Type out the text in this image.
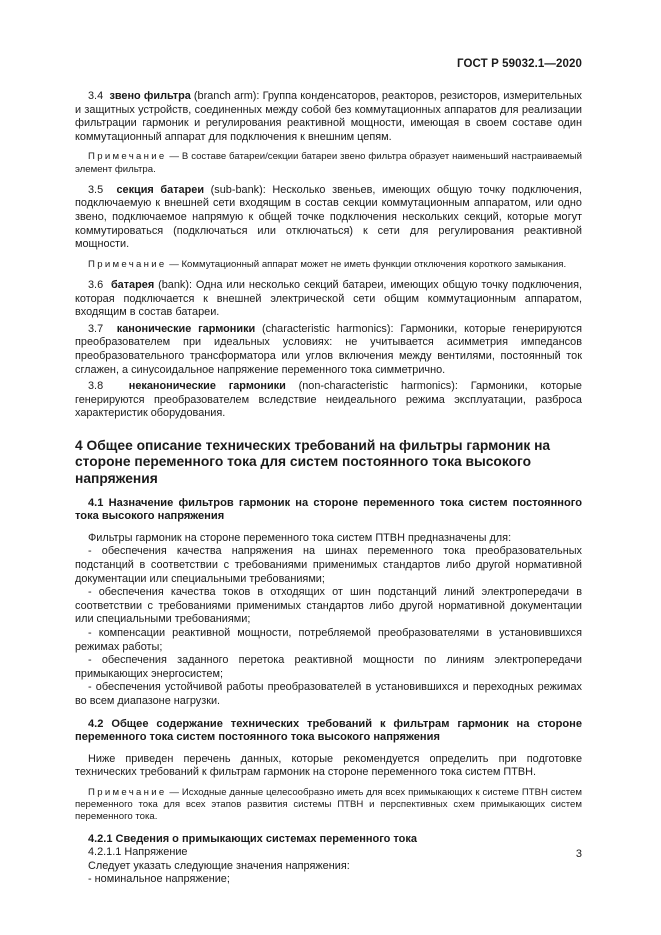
ГОСТ Р 59032.1—2020

3.4 звено фильтра (branch arm): Группа конденсаторов, реакторов, резисторов, измерительных и защитных устройств, соединенных между собой без коммутационных аппаратов для реализации фильтрации гармоник и регулирования реактивной мощности, имеющая в своем составе один коммутационный аппарат для подключения к внешним цепям.

Примечание — В составе батареи/секции батареи звено фильтра образует наименьший настраиваемый элемент фильтра.

3.5 секция батареи (sub-bank): Несколько звеньев, имеющих общую точку подключения, подключаемую к внешней сети входящим в состав секции коммутационным аппаратом, или одно звено, подключаемое напрямую к общей точке подключения нескольких секций, которые могут коммутироваться (подключаться или отключаться) к сети для регулирования реактивной мощности.

Примечание — Коммутационный аппарат может не иметь функции отключения короткого замыкания.

3.6 батарея (bank): Одна или несколько секций батареи, имеющих общую точку подключения, которая подключается к внешней электрической сети общим коммутационным аппаратом, входящим в состав батареи.

3.7 канонические гармоники (characteristic harmonics): Гармоники, которые генерируются преобразователем при идеальных условиях: не учитывается асимметрия импедансов преобразовательного трансформатора или углов включения между вентилями, постоянный ток сглажен, а синусоидальное напряжение переменного тока симметрично.

3.8 неканонические гармоники (non-characteristic harmonics): Гармоники, которые генерируются преобразователем вследствие неидеального режима эксплуатации, разброса характеристик оборудования.

4 Общее описание технических требований на фильтры гармоник на стороне переменного тока для систем постоянного тока высокого напряжения
4.1 Назначение фильтров гармоник на стороне переменного тока систем постоянного тока высокого напряжения

Фильтры гармоник на стороне переменного тока систем ПТВН предназначены для:

- обеспечения качества напряжения на шинах переменного тока преобразовательных подстанций в соответствии с требованиями применимых стандартов либо другой нормативной документации или специальными требованиями;

- обеспечения качества токов в отходящих от шин подстанций линий электропередачи в соответствии с требованиями применимых стандартов либо другой нормативной документации или специальными требованиями;

- компенсации реактивной мощности, потребляемой преобразователями в установившихся режимах работы;

- обеспечения заданного перетока реактивной мощности по линиям электропередачи примыкающих энергосистем;

- обеспечения устойчивой работы преобразователей в установившихся и переходных режимах во всем диапазоне нагрузки.

4.2 Общее содержание технических требований к фильтрам гармоник на стороне переменного тока систем постоянного тока высокого напряжения

Ниже приведен перечень данных, которые рекомендуется определить при подготовке технических требований к фильтрам гармоник на стороне переменного тока систем ПТВН.

Примечание — Исходные данные целесообразно иметь для всех примыкающих к системе ПТВН систем переменного тока для всех этапов развития системы ПТВН и перспективных схем примыкающих систем переменного тока.

4.2.1 Сведения о примыкающих системах переменного тока

4.2.1.1 Напряжение

Следует указать следующие значения напряжения:

- номинальное напряжение;

3
